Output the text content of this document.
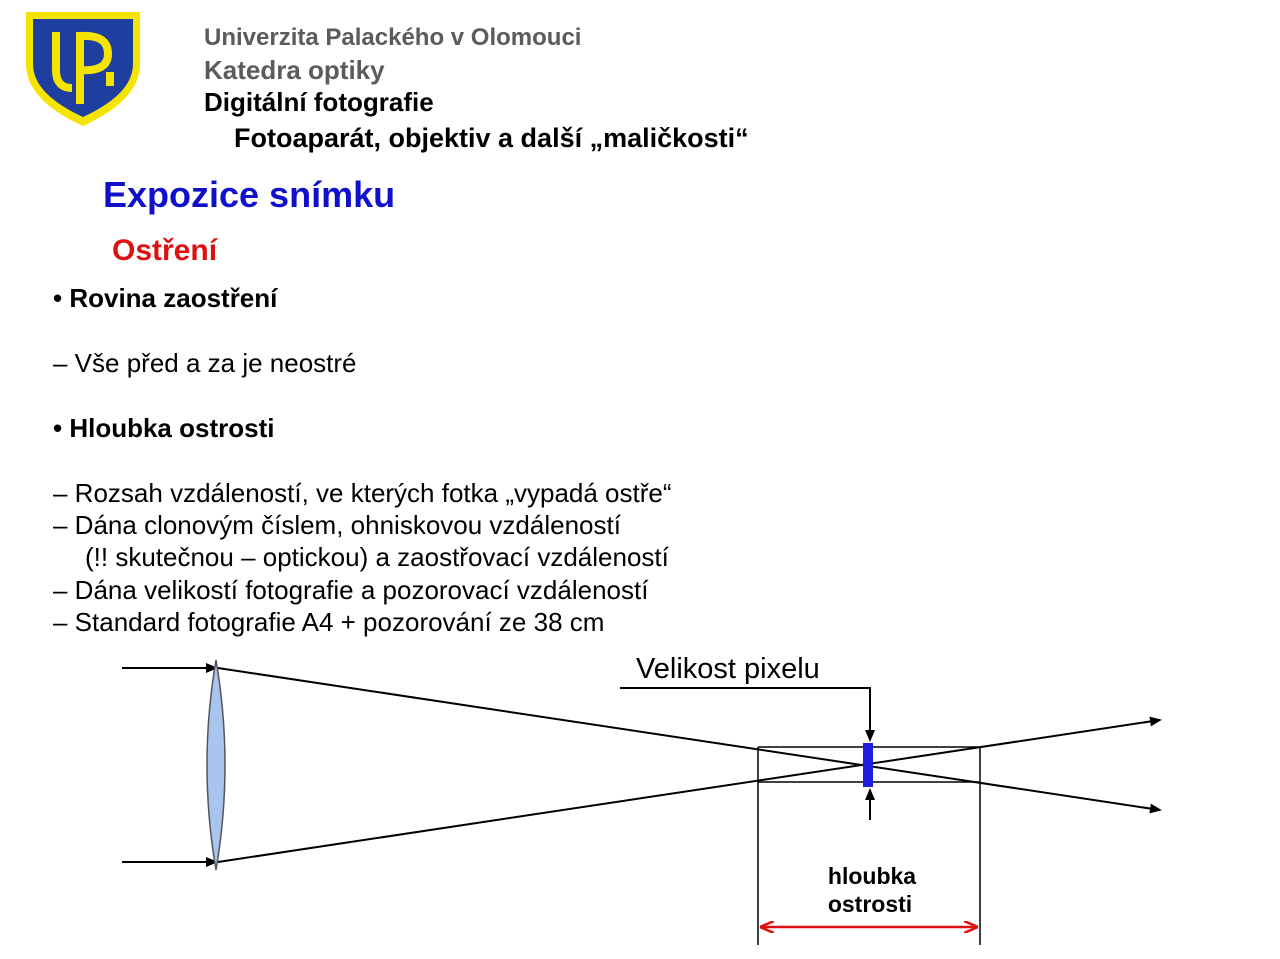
Univerzita Palackého v Olomouci
Katedra optiky
Digitální fotografie
Fotoaparát, objektiv a další „maličkosti“
Expozice snímku
Ostření
• Rovina zaostření
– Vše před a za je neostré
• Hloubka ostrosti
– Rozsah vzdáleností, ve kterých fotka „vypadá ostře“
– Dána clonovým číslem, ohniskovou vzdáleností
(!! skutečnou – optickou) a zaostřovací vzdáleností
– Dána velikostí fotografie a pozorovací vzdáleností
– Standard fotografie A4 + pozorování ze 38 cm
Velikost pixelu
hloubka
ostrosti
